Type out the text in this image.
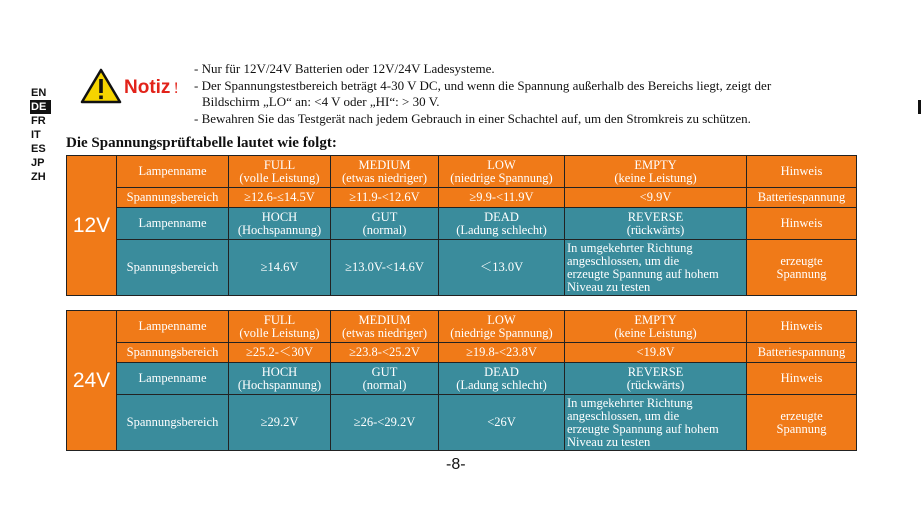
EN
DE
FR
IT
ES
JP
ZH
Notiz !
- Nur für 12V/24V Batterien oder 12V/24V Ladesysteme.
- Der Spannungstestbereich beträgt 4-30 V DC, und wenn die Spannung außerhalb des Bereichs liegt, zeigt der
Bildschirm „LO“ an: <4 V oder „HI“: > 30 V.
- Bewahren Sie das Testgerät nach jedem Gebrauch in einer Schachtel auf, um den Stromkreis zu schützen.
Die Spannungsprüftabelle lautet wie folgt:
12V	Lampenname	FULL
(volle Leistung)	MEDIUM
(etwas niedriger)	LOW
(niedrige Spannung)	EMPTY
(keine Leistung)	Hinweis
	Spannungsbereich	≥12.6-≤14.5V	≥11.9-<12.6V	≥9.9-<11.9V	<9.9V	Batteriespannung
	Lampenname	HOCH
(Hochspannung)	GUT
(normal)	DEAD
(Ladung schlecht)	REVERSE
(rückwärts)	Hinweis
	Spannungsbereich	≥14.6V	≥13.0V-<14.6V	＜13.0V	In umgekehrter Richtung
angeschlossen, um die
erzeugte Spannung auf hohem
Niveau zu testen	erzeugte
Spannung
24V	Lampenname	FULL
(volle Leistung)	MEDIUM
(etwas niedriger)	LOW
(niedrige Spannung)	EMPTY
(keine Leistung)	Hinweis
	Spannungsbereich	≥25.2-＜30V	≥23.8-<25.2V	≥19.8-<23.8V	<19.8V	Batteriespannung
	Lampenname	HOCH
(Hochspannung)	GUT
(normal)	DEAD
(Ladung schlecht)	REVERSE
(rückwärts)	Hinweis
	Spannungsbereich	≥29.2V	≥26-<29.2V	<26V	In umgekehrter Richtung
angeschlossen, um die
erzeugte Spannung auf hohem
Niveau zu testen	erzeugte
Spannung
-8-
